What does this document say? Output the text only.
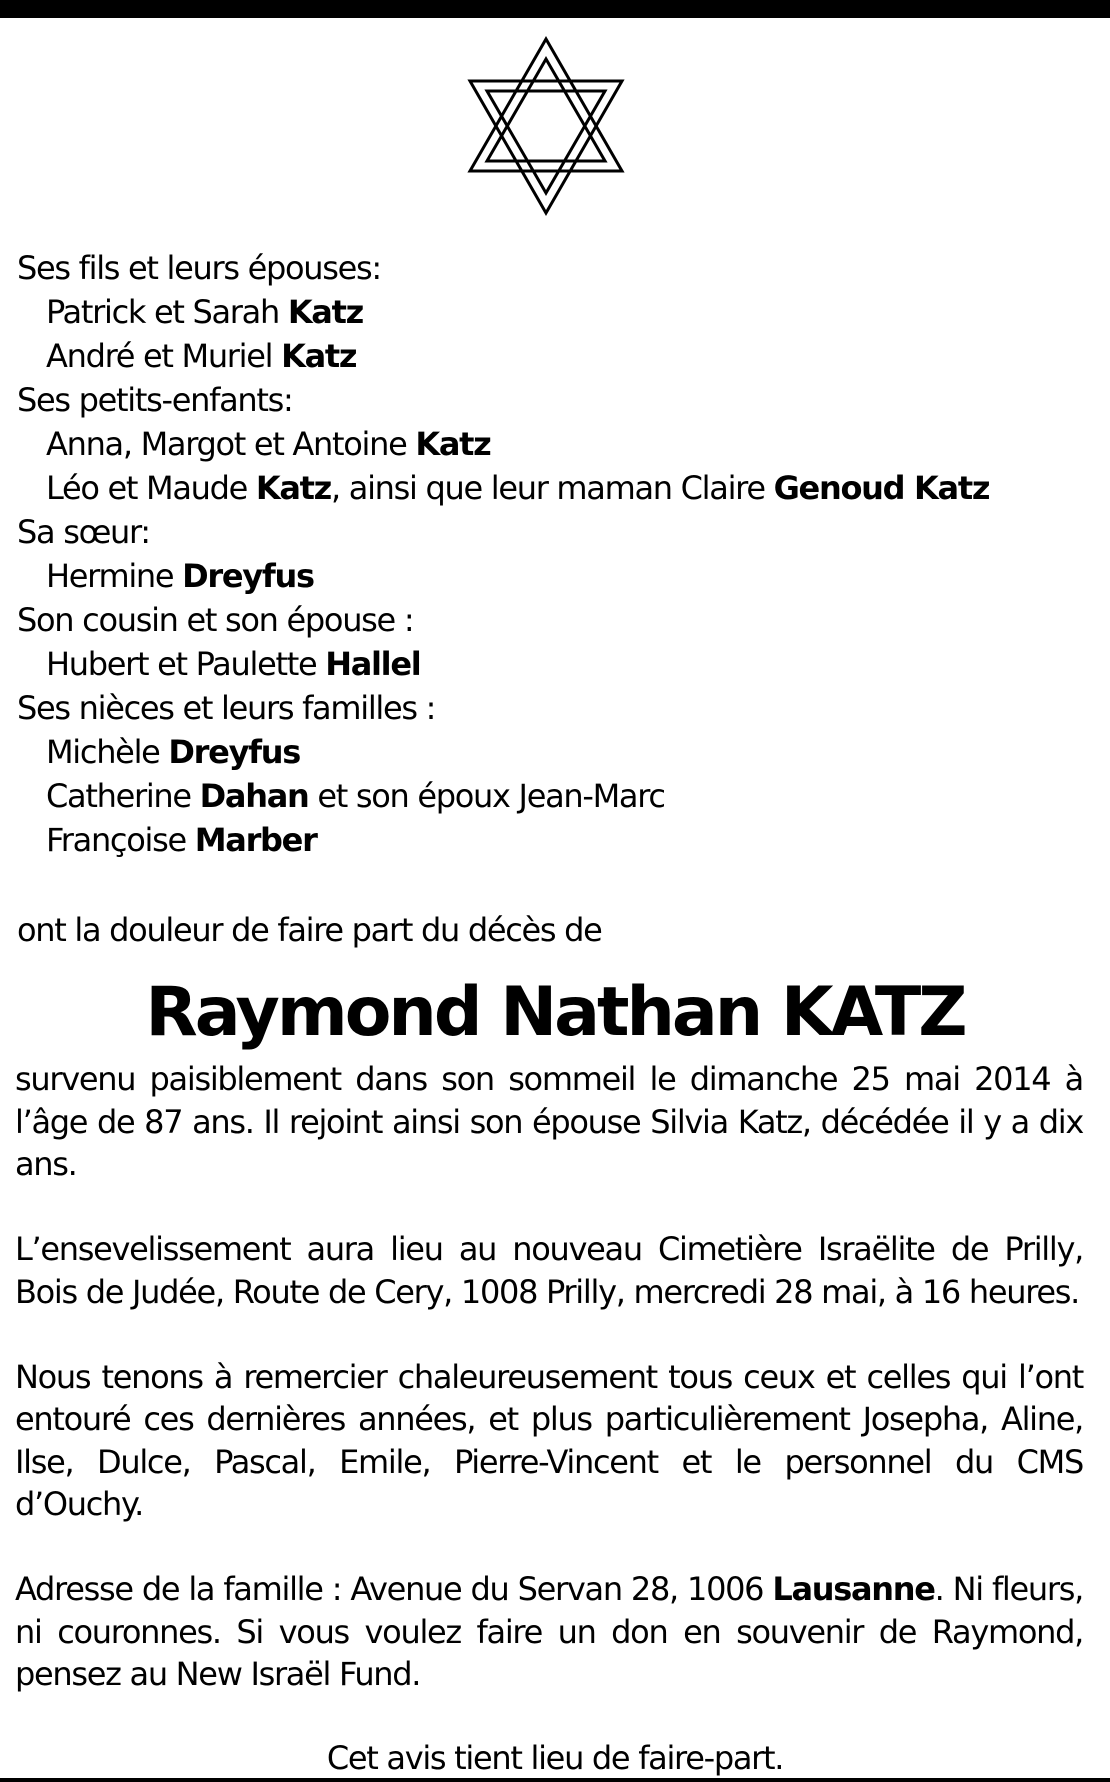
Ses fils et leurs épouses:
Patrick et Sarah Katz
André et Muriel Katz
Ses petits-enfants:
Anna, Margot et Antoine Katz
Léo et Maude Katz, ainsi que leur maman Claire Genoud Katz
Sa sœur:
Hermine Dreyfus
Son cousin et son épouse :
Hubert et Paulette Hallel
Ses nièces et leurs familles :
Michèle Dreyfus
Catherine Dahan et son époux Jean-Marc
Françoise Marber
ont la douleur de faire part du décès de
Raymond Nathan KATZ
survenu paisiblement dans son sommeil le dimanche 25 mai 2014 à l’âge de 87 ans. Il rejoint ainsi son épouse Silvia Katz, décédée il y a dix ans.
L’ensevelissement aura lieu au nouveau Cimetière Israëlite de Prilly, Bois de Judée, Route de Cery, 1008 Prilly, mercredi 28 mai, à 16 heures.
Nous tenons à remercier chaleureusement tous ceux et celles qui l’ont entouré ces dernières années, et plus particulièrement Josepha, Aline, Ilse, Dulce, Pascal, Emile, Pierre-Vincent et le personnel du CMS d’Ouchy.
Adresse de la famille : Avenue du Servan 28, 1006 Lausanne. Ni fleurs, ni couronnes. Si vous voulez faire un don en souvenir de Raymond, pensez au New Israël Fund.
Cet avis tient lieu de faire-part.
